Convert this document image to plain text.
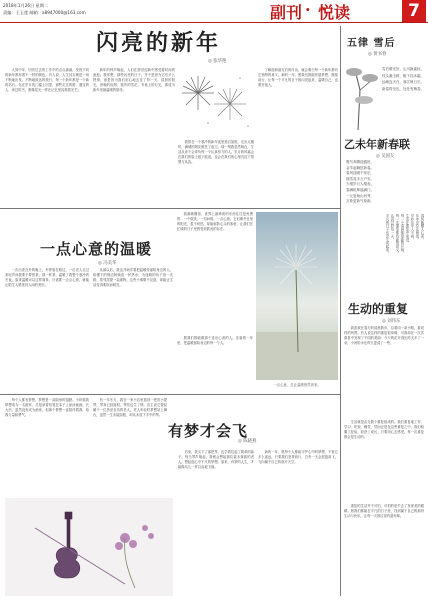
2018年1月26日 星期二
责编：王玉莲 邮箱：a8947000@163.com	副刊 · 悦读	7
闪亮的新年
◎ 张华艳
人到中年，回首过去的工作中的点点滴滴，发现不同的新年都有着不一样的颜色。有人说，人生其实就是一场不断地出发、不断地抵达的旅行，每一个新年都是一个新的站台。站在岁月的门槛上回望，那些走过的路、遇过的人、读过的书，都像星光一样在记忆里闪烁着光芒。
新年的钟声响起，人们在辞旧迎新中感受着时间的流逝。我常想，那些闪亮的日子，并不是因为它们多么特别，而是因为我们用心地去过了每一天。清晨的阳光，傍晚的炊烟，窗外的雪花，书桌上的灯光，都成为新年里最温暖的陪伴。
我曾在一个寒冷的新年夜里独自加班，走出大楼时，满城的烟花照亮了夜空。那一刻我忽然明白，生活从来不会辜负每一个认真努力的人。岁月的风霜会在我们的脸上留下痕迹，也会在我们的心里沉淀下智慧与从容。
了解他和朋友们的付出，就会明白每一个新年都有它独特的意义。新的一年，愿我们都能怀揣梦想，继续前行，让每一个平凡的日子都闪亮起来，温暖自己，也照亮他人。
五律 雪后
◎ 黄书春
雪后晴光好，山川换素妆。
枝头凝玉树，檐下挂冰霜。
远岫连天白，寒江映日长。
新春将至也，处处有梅香。
乙未年新春联
◎ 吴国友
骏马奔腾迎盛世，
金羊起舞贺新春。
春风送暖千家乐，
瑞雪兆丰万户安。
天增岁月人增寿，
春满乾坤福满门。
一元复始山河秀，
万象更新气象新。
一点心意的温暖
◎ 冯美华
一次出差在外的晚上，车停靠在路边，一位老人走过来轻声问我要不要热茶。那一杯茶，温暖了我整个寒冷的冬夜。原来温暖可以这样简单，只需要一点点心意，就能让陌生人感受到人间的美好。
从那以后，我也开始学着把温暖传递给身边的人。给楼下的保洁阿姨送一杯热水，为迷路的孩子指一次路，帮邻居提一袋重物。这些小事微不足道，却能让生活变得柔软而明亮。
我渐渐懂得，世界上最珍贵的东西往往是免费的：一个微笑，一句问候，一点心意。它们像冬日里的阳光，虽不炽热，却能驱散心头的寒意，让我们在忙碌的日子里感受到彼此的存在。
一点心意，总让温暖悄然到来。
愿我们都能做那个送出心意的人。在新的一年里，把温暖留给身边的每一个人。
春风唤醒人心喜，
年年岁岁花相似。
岁岁年年人不同，
生活在重复中前进。
每一个清晨都是新的开始，
每一次重复都有新的意义。
认真过好每一天，
平凡的日子也会生动起来。
生动的重复
◎ 刘伟东
我喜欢在春天的清晨散步，沿着同一条小路，看同样的风景。有人说这样的重复很单调，可我却在一次次重复中发现了不同的美丽：今天的花开得比昨天多了一朵，小河的水比昨天更清了一些。
生活就是由无数个重复组成的。我们重复地工作、学习、吃饭、睡觉，然而正是在这些重复之中，我们积累了经验，收获了成长。只要用心去感受，每一次重复都会是生动的。
重复的生活并不可怕，可怕的是失去了发现美的眼睛。愿我们都能在平凡的日子里，找到属于自己的那份生动与快乐，让每一天都过得有滋有味。
每个人都有梦想，梦想是一双隐形的翅膀。小时候我梦想成为一名画家，总是拿着铅笔在本子上涂涂画画。长大后，虽然没有成为画家，但那个梦想一直陪伴着我，给我力量和勇气。
有梦才会飞
◎ 陈晓燕
有一年冬天，我在一家小店里看到一把旧小提琴，琴身已经斑驳，琴弦也生了锈。店主说它曾经属于一位热爱音乐的老人。老人年轻时梦想站上舞台，虽然一生未能如愿，却从未放下手中的琴。
后来，我买下了那把琴，也学着拉起了简单的曲子。每当琴声响起，我就会想起那位素未谋面的老人，想起他心中不灭的梦想。原来，有梦的人生，才能像鸟儿一样自由地飞翔。
新的一年，愿每个人都能守护心中的梦想，不管它多么遥远，只要我们坚持前行，总有一天会展翅高飞，飞向属于自己的那片天空。
